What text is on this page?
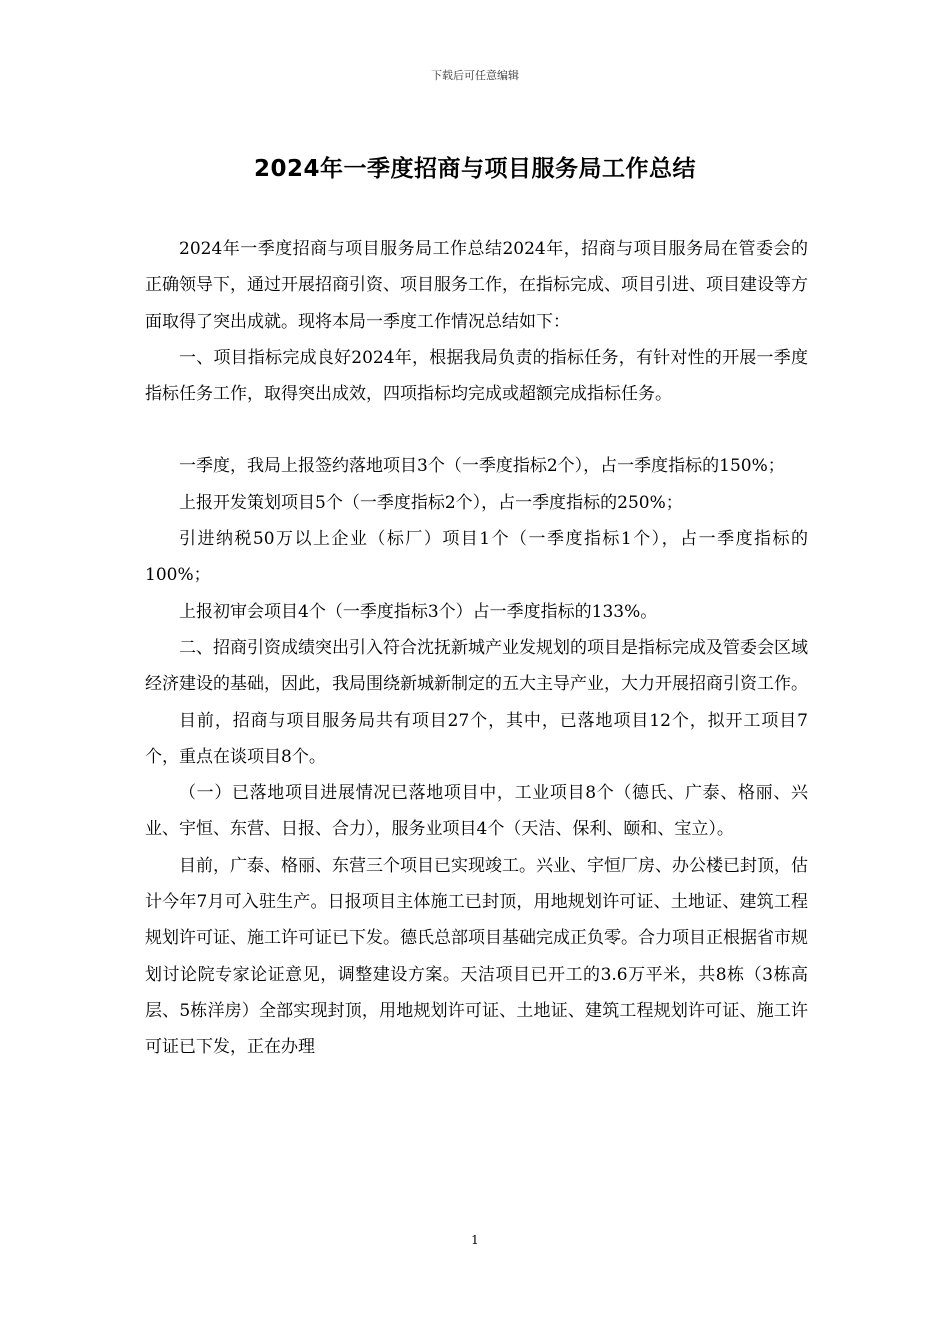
下载后可任意编辑
2024年一季度招商与项目服务局工作总结

2024年一季度招商与项目服务局工作总结2024年，招商与项目服务局在管委会的正确领导下，通过开展招商引资、项目服务工作，在指标完成、项目引进、项目建设等方面取得了突出成就。现将本局一季度工作情况总结如下：

一、项目指标完成良好2024年，根据我局负责的指标任务，有针对性的开展一季度指标任务工作，取得突出成效，四项指标均完成或超额完成指标任务。

一季度，我局上报签约落地项目3个（一季度指标2个），占一季度指标的150%；

上报开发策划项目5个（一季度指标2个），占一季度指标的250%；

引进纳税50万以上企业（标厂）项目1个（一季度指标1个），占一季度指标的100%；

上报初审会项目4个（一季度指标3个）占一季度指标的133%。

二、招商引资成绩突出引入符合沈抚新城产业发规划的项目是指标完成及管委会区域经济建设的基础，因此，我局围绕新城新制定的五大主导产业，大力开展招商引资工作。

目前，招商与项目服务局共有项目27个，其中，已落地项目12个，拟开工项目7个，重点在谈项目8个。

（一）已落地项目进展情况已落地项目中，工业项目8个（德氏、广泰、格丽、兴业、宇恒、东营、日报、合力），服务业项目4个（天洁、保利、颐和、宝立）。

目前，广泰、格丽、东营三个项目已实现竣工。兴业、宇恒厂房、办公楼已封顶，估计今年7月可入驻生产。日报项目主体施工已封顶，用地规划许可证、土地证、建筑工程规划许可证、施工许可证已下发。德氏总部项目基础完成正负零。合力项目正根据省市规划讨论院专家论证意见，调整建设方案。天洁项目已开工的3.6万平米，共8栋（3栋高层、5栋洋房）全部实现封顶，用地规划许可证、土地证、建筑工程规划许可证、施工许可证已下发，正在办理

1
